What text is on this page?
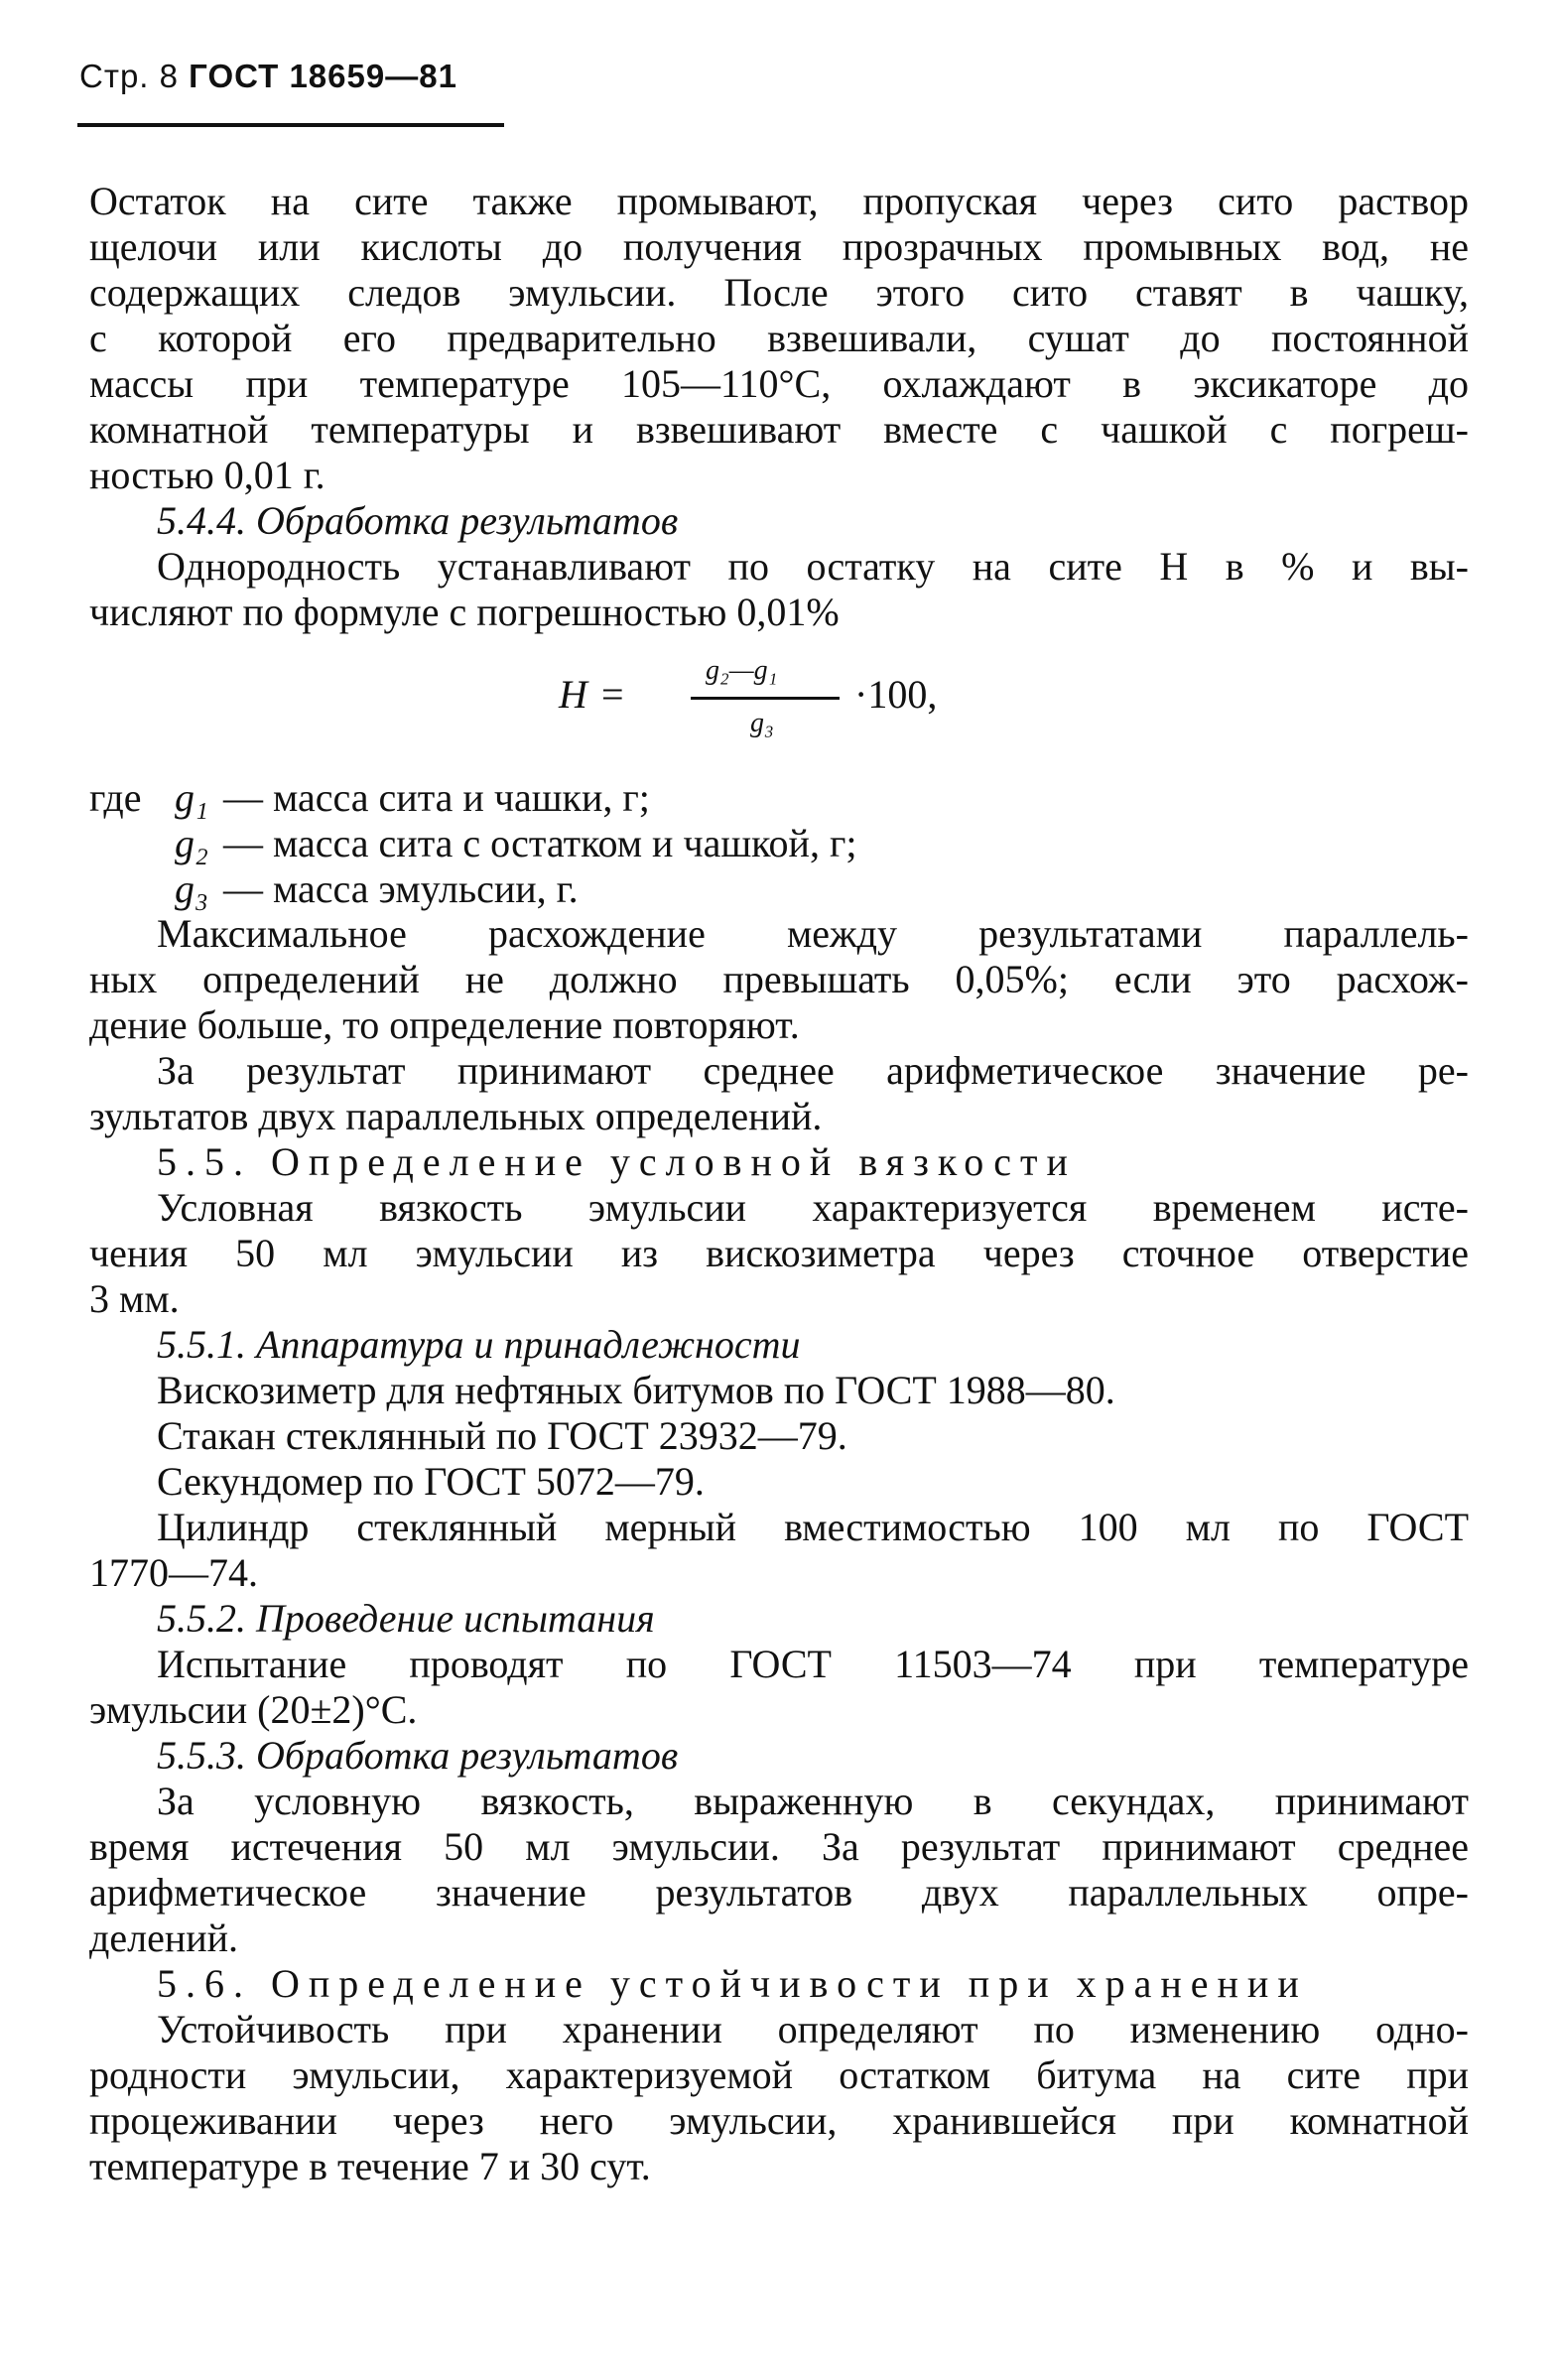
Стр. 8 ГОСТ 18659—81
Остаток на сите также промывают, пропуская через сито раствор
щелочи или кислоты до получения прозрачных промывных вод, не
содержащих следов эмульсии. После этого сито ставят в чашку,
с которой его предварительно взвешивали, сушат до постоянной
массы при температуре 105—110°С, охлаждают в эксикаторе до
комнатной температуры и взвешивают вместе с чашкой с погреш-
ностью 0,01 г.
5.4.4. Обработка результатов
Однородность устанавливают по остатку на сите Н в % и вы-
числяют по формуле с погрешностью 0,01%
H =
g₂—g₁
g₃
·100,
где g₁ — масса сита и чашки, г;
g₂ — масса сита с остатком и чашкой, г;
g₃ — масса эмульсии, г.
Максимальное расхождение между результатами параллель-
ных определений не должно превышать 0,05%; если это расхож-
дение больше, то определение повторяют.
За результат принимают среднее арифметическое значение ре-
зультатов двух параллельных определений.
5.5. Определение условной вязкости
Условная вязкость эмульсии характеризуется временем исте-
чения 50 мл эмульсии из вискозиметра через сточное отверстие
3 мм.
5.5.1. Аппаратура и принадлежности
Вискозиметр для нефтяных битумов по ГОСТ 1988—80.
Стакан стеклянный по ГОСТ 23932—79.
Секундомер по ГОСТ 5072—79.
Цилиндр стеклянный мерный вместимостью 100 мл по ГОСТ
1770—74.
5.5.2. Проведение испытания
Испытание проводят по ГОСТ 11503—74 при температуре
эмульсии (20±2)°С.
5.5.3. Обработка результатов
За условную вязкость, выраженную в секундах, принимают
время истечения 50 мл эмульсии. За результат принимают среднее
арифметическое значение результатов двух параллельных опре-
делений.
5.6. Определение устойчивости при хранении
Устойчивость при хранении определяют по изменению одно-
родности эмульсии, характеризуемой остатком битума на сите при
процеживании через него эмульсии, хранившейся при комнатной
температуре в течение 7 и 30 сут.
